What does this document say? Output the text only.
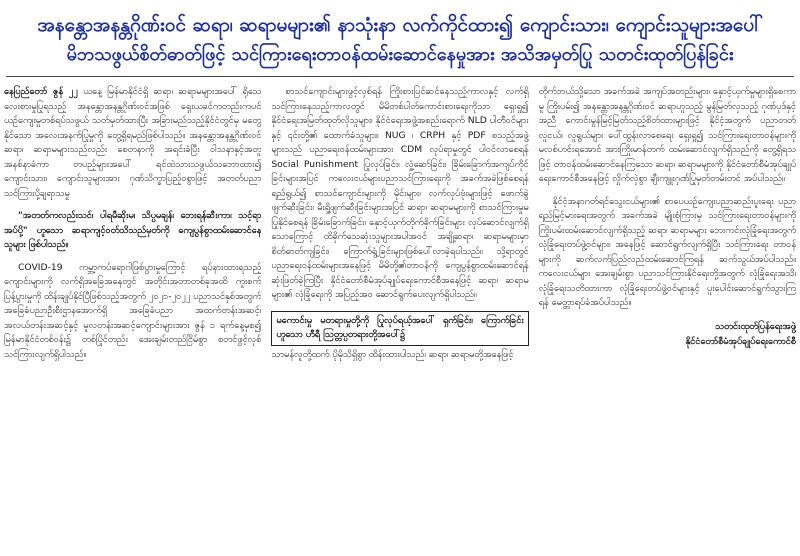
အနန္တောအနန္တဂိုဏ်းဝင် ဆရာ၊ ဆရာမများ၏ နာသုံးနာ လက်ကိုင်ထား၍ ကျောင်းသား၊ ကျောင်းသူများအပေါ်
မိဘသဖွယ်စိတ်ဓာတ်ဖြင့် သင်ကြားရေးတာဝန်ထမ်းဆောင်နေမှုအား အသိအမှတ်ပြု သတင်းထုတ်ပြန်ခြင်း

နေပြည်တော် ဇွန် ၂၂ ယနေ့ မြန်မာနိုင်ငံရှိ ဆရာ၊ ဆရာမများအပေါ် ရိုသေလေးစားမှုပြုရသည့် အနန္တောအနန္တဂိုဏ်းဝင်အဖြစ် ရှေးယခင်ကတည်းကပင် ယဉ်ကျေးမှုတစ်ရပ်သဖွယ် သတ်မှတ်ထားပြီး အခြားမည်သည့်နိုင်ငံတွင်မှ မတွေ့နိုင်သော အလေးအနက်ပြုမှုကို တွေ့ရှိရမည်ဖြစ်ပါသည်။ အနန္တောအနန္တဂိုဏ်းဝင် ဆရာ၊ ဆရာမများသည်လည်း စေတနာကို အရင်းခံပြီး ဝါသနာနှင့်အတူ အနစ်နာခံကာ တပည့်များအပေါ် ရင်ထဲသားသဖွယ်သဘောထား၍ ကျောင်းသား၊ ကျောင်းသူများအား ဂုဏ်သိက္ခာပြည့်ဝစွာဖြင့် အတတ်ပညာ သင်ကြားပို့ချရာသမှု

"အတတ်ကလည်းသင်၊ ပါရမီဆိုးမ၊ သိပ္ပမချန်၊ ဘေးရန်ဆီးကာ၊ သင့်ရာအပ်ပို့" ဟူသော ဆရာကျင့်ဝတ်သိသည်မှတ်ကို ကျေပွန်စွာထမ်းဆောင်နေသူများ ဖြစ်ပါသည်။

COVID-19 ကမ္ဘာ့ကပ်ရောဂါဖြစ်ပွားမှုကြောင့် ရပ်နားထားရသည့် ကျောင်းများကို လက်ရှိအခြေအနေတွင် အတိုင်းအတာတစ်ခုအထိ ကူးစက်ပြန့်ပွားမှုကို ထိန်းချုပ်နိုင်ပြီဖြစ်သည့်အတွက် ၂၀၂၁-၂၀၂၂ ပညာသင်နှစ်အတွက် အခြေခံပညာဦးစီးဌာနအောက်ရှိ အခြေခံပညာ အထက်တန်းအဆင့်၊ အလယ်တန်းအဆင့်နှင့် မူလတန်းအဆင့်ကျောင်းများအား ဇွန် ၁ ရက်နေ့မှစ၍ မြန်မာနိုင်ငံတစ်ဝန်း၌ တစ်ပြိုင်တည်း အေးချမ်းတည်ငြိမ်စွာ စတင်ဖွင့်လှစ်သင်ကြားလျက်ရှိပါသည်။

စာသင်ကျောင်းများဖွင့်လှစ်ရန် ကြိုးစားပြင်ဆင်နေသည့်ကာလနှင့် လက်ရှိသင်ကြားနေသည့်ကာလတွင် မိမိတစ်ပါတ်ကောင်းစားရေးကိုသာ ရှေးရှု၍ နိုင်ငံရေးအမြတ်ထုတ်လိုသူများ၊ နိုင်ငံရေးအဖွဲ့အစည်းရောက် NLD ပါတီဝင်များနှင့် ၎င်းတို့၏ ထောက်ခံသူများ၊ NUG ၊ CRPH နှင့် PDF စသည့်အဖွဲ့များသည် ပညာရေးဝန်ထမ်းများအား CDM လုပ်ရာမှုတွင် ပါဝင်လာစေရန် Social Punishment ပြုလုပ်ခြင်း၊ လှုံ့ဆော်ခြင်း၊ ခြိမ်းခြောက်အကျပ်ကိုင်ခြင်းများအပြင် ကလေးငယ်များပညာသင်ကြားရေးကို အခက်အခဲဖြစ်စေရန်ရည်ရွယ်၍ စာသင်ကျောင်းများကို မိုင်းများ၊ လက်လုပ်ဗုံးများဖြင့် ဖောက်ခွဲဖျက်ဆီးခြင်း၊ မီးရှို့ဖျက်ဆီးခြင်းများအပြင် ဆရာ၊ ဆရာမများကို စာသင်ကြားမှုမပြုနိုင်စေရန် ခြိမ်းခြောက်ခြင်း၊ နှောင့်ယှက်တိုက်ခိုက်ခြင်းများ လုပ်ဆောင်လျက်ရှိသောကြောင့် ထိခိုက်သေဆုံးသူများအပါအဝင် အချို့ဆရာ၊ ဆရာမများမှာ စိတ်ဓာတ်ကျခြင်း၊ ကြောက်ရွံ့ခြင်းများဖြစ်ပေါ်လာခဲ့ရပါသည်။ သို့ရာတွင် ပညာရေးဝန်ထမ်းများအနေဖြင့် မိမိတို့၏တာဝန်ကို ကျေပွန်စွာထမ်းဆောင်ရန် ဆုံးဖြတ်ခဲ့ကြပြီး နိုင်ငံတော်စီမံအုပ်ချုပ်ရေးကောင်စီအနေဖြင့် ဆရာ၊ ဆရာမများ၏ လုံခြုံရေးကို အပြည့်အဝ ဆောင်ရွက်ပေးလျက်ရှိပါသည်။

မကောင်းမှု မတရားမှုတို့ကို ပြုလုပ်ရယ့်အပေါ် ရှက်ခြင်း၊ ကြောက်ခြင်းဟူသော ဟီရီ ဩတ္တပ္ပတရားတို့အပေါ်၌

သာမန်လူတို့ထက် ပိုမိုသိရှိစွာ ထိန်းထားပါသည်၊ ဆရာ၊ ဆရာမတို့အနေဖြင့်

တိုက်ဘယ်သို့သော အခက်အခဲ အကျပ်အတည်းများ၊ နှောင့်ယှက်မှုများရှိစေကာမူ ကြိုးပမ်း၍ အနန္တောအနန္တဂိုဏ်းဝင် ဆရာဟူသည့် မွန်မြတ်လှသည့် ဂုဏ်ပုဒ်နှင့်အညီ ကောင်းမွန်မြင့်မြတ်သည့်စိတ်ထားများဖြင့် နိုင်ငံ့အတွက် ပညာတတ် လူငယ်၊ လူရွယ်များ ပေါ်ထွန်းလာစေရေး ရှေးရှု၍ သင်ကြားရေးတာဝန်များကို မလစ်ဟင်းရအောင် အားကြိုးမာန်တက် ထမ်းဆောင်လျက်ရှိသည်ကို တွေ့ရှိရသဖြင့် တာဝန်ထမ်းဆောင်နေကြသော ဆရာ၊ ဆရာမများကို နိုင်ငံတော်စီမံအုပ်ချုပ်ရေးကောင်စီအနေဖြင့် လှိုက်လှဲစွာ ချီးကျူးဂုဏ်ပြုမှတ်တမ်းတင် အပ်ပါသည်။

နိုင်ငံ့အနာဂတ်ရင်သွေးငယ်များ၏ စာပေယဉ်ကျေးပညာဆည်းပူးရေး ပညာရည်မြင့်မားရေးအတွက် အခက်အခဲ မျိုးစုံကြားမှ သင်ကြားရေးတာဝန်များကို ကြိုးပမ်းထမ်းဆောင်လျက်ရှိသည့် ဆရာ၊ ဆရာမများ ဘေးကင်းလုံခြုံရေးအတွက် လုံခြုံရေးတပ်ဖွဲ့ဝင်များ၊ အနေဖြင့် ဆောင်ရွက်လျက်ရှိပြီး သင်ကြားရေး တာဝန်များကို ဆက်လက်ပြည်လည်ထမ်းဆောင်ကြရန် ဆက်သွယ်အပ်ပါသည်။ ကလေးငယ်များ အေးချမ်းစွာ ပညာသင်ကြားနိုင်ရေးတို့အတွက် လုံခြုံရေးအသိ၊ လုံခြုံရေးသတိထားကာ လုံခြုံရေးတပ်ဖွဲ့ဝင်များနှင့် ပူးပေါင်းဆောင်ရွက်သွားကြရန် မေတ္တာရပ်ခံအပ်ပါသည်။

သတင်းထုတ်ပြန်ရေးအဖွဲ့
နိုင်ငံတော်စီမံအုပ်ချုပ်ရေးကောင်စီ
